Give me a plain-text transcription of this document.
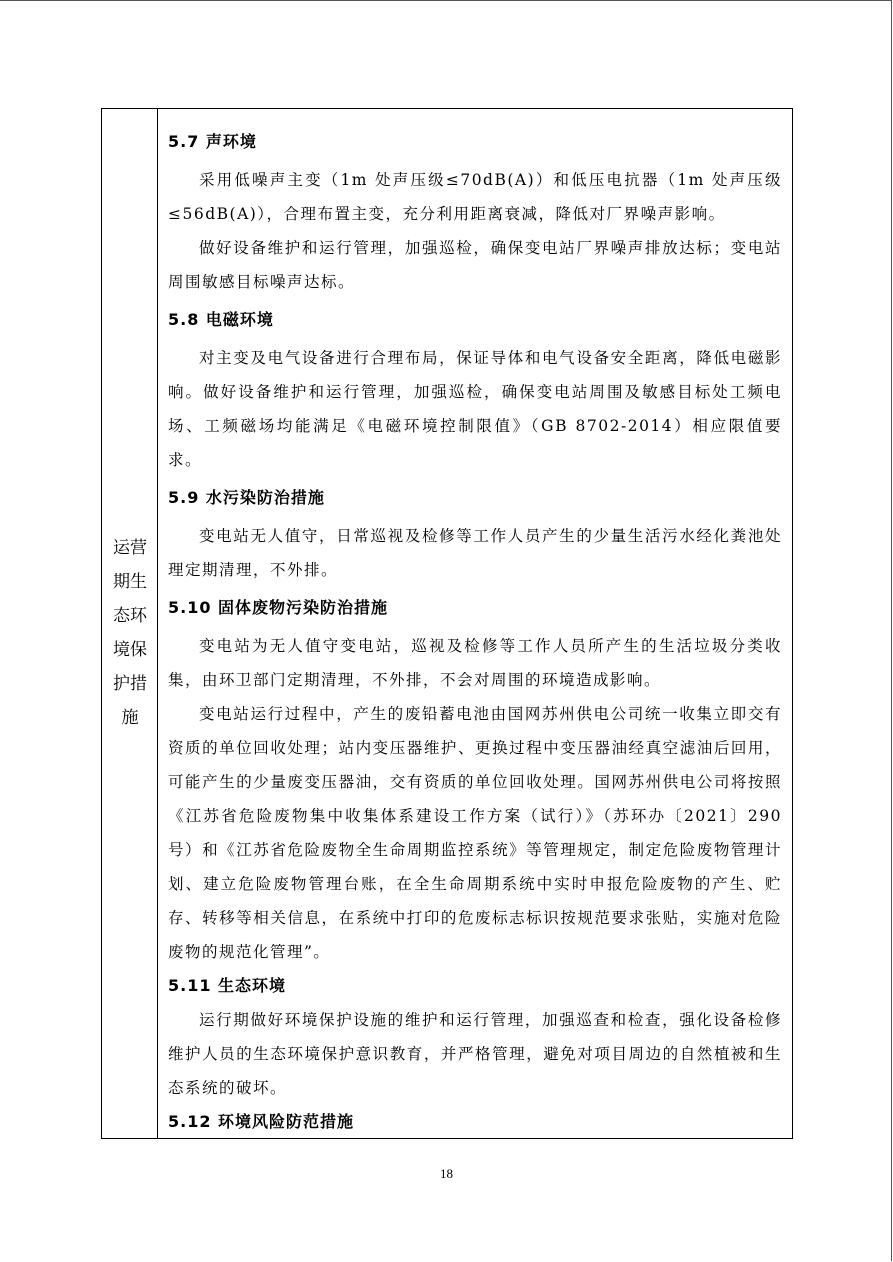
运营
期生
态环
境保
护措
施
5.7 声环境

采用低噪声主变（1m 处声压级≤70dB(A)）和低压电抗器（1m 处声压级≤56dB(A)），合理布置主变，充分利用距离衰减，降低对厂界噪声影响。

做好设备维护和运行管理，加强巡检，确保变电站厂界噪声排放达标；变电站周围敏感目标噪声达标。

5.8 电磁环境

对主变及电气设备进行合理布局，保证导体和电气设备安全距离，降低电磁影响。做好设备维护和运行管理，加强巡检，确保变电站周围及敏感目标处工频电场、工频磁场均能满足《电磁环境控制限值》（GB 8702-2014）相应限值要求。

5.9 水污染防治措施

变电站无人值守，日常巡视及检修等工作人员产生的少量生活污水经化粪池处理定期清理，不外排。

5.10 固体废物污染防治措施

变电站为无人值守变电站，巡视及检修等工作人员所产生的生活垃圾分类收集，由环卫部门定期清理，不外排，不会对周围的环境造成影响。

变电站运行过程中，产生的废铅蓄电池由国网苏州供电公司统一收集立即交有资质的单位回收处理；站内变压器维护、更换过程中变压器油经真空滤油后回用，可能产生的少量废变压器油，交有资质的单位回收处理。国网苏州供电公司将按照《江苏省危险废物集中收集体系建设工作方案（试行）》（苏环办〔2021〕290 号）和《江苏省危险废物全生命周期监控系统》等管理规定，制定危险废物管理计划、建立危险废物管理台账，在全生命周期系统中实时申报危险废物的产生、贮存、转移等相关信息，在系统中打印的危废标志标识按规范要求张贴，实施对危险废物的规范化管理”。

5.11 生态环境

运行期做好环境保护设施的维护和运行管理，加强巡查和检查，强化设备检修维护人员的生态环境保护意识教育，并严格管理，避免对项目周边的自然植被和生态系统的破坏。

5.12 环境风险防范措施
18
